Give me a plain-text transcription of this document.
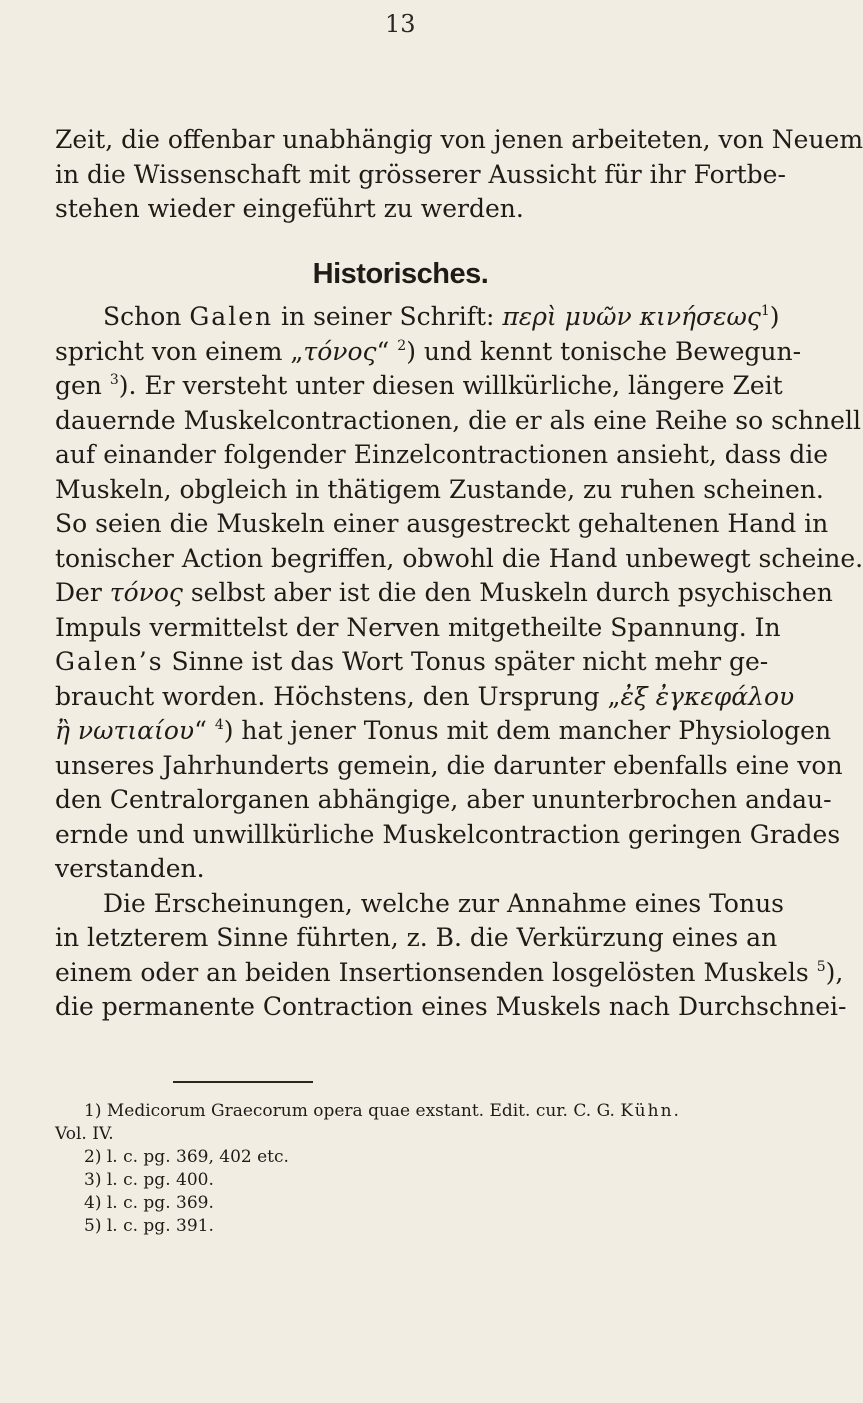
13
Zeit, die offenbar unabhängig von jenen arbeiteten, von Neuem
in die Wissenschaft mit grösserer Aussicht für ihr Fortbe-
stehen wieder eingeführt zu werden.
Historisches.
Schon Galen in seiner Schrift: περὶ μυῶν κινήσεως$^1$)
spricht von einem „τόνος“ $^2$) und kennt tonische Bewegun-
gen $^3$). Er versteht unter diesen willkürliche, längere Zeit
dauernde Muskelcontractionen, die er als eine Reihe so schnell
auf einander folgender Einzelcontractionen ansieht, dass die
Muskeln, obgleich in thätigem Zustande, zu ruhen scheinen.
So seien die Muskeln einer ausgestreckt gehaltenen Hand in
tonischer Action begriffen, obwohl die Hand unbewegt scheine.
Der τόνος selbst aber ist die den Muskeln durch psychischen
Impuls vermittelst der Nerven mitgetheilte Spannung. In
Galen’s Sinne ist das Wort Tonus später nicht mehr ge-
braucht worden. Höchstens, den Ursprung „ἐξ ἐγκεφάλου
ἢ νωτιαίου“ $^4$) hat jener Tonus mit dem mancher Physiologen
unseres Jahrhunderts gemein, die darunter ebenfalls eine von
den Centralorganen abhängige, aber ununterbrochen andau-
ernde und unwillkürliche Muskelcontraction geringen Grades
verstanden.
Die Erscheinungen, welche zur Annahme eines Tonus
in letzterem Sinne führten, z. B. die Verkürzung eines an
einem oder an beiden Insertionsenden losgelösten Muskels $^5$),
die permanente Contraction eines Muskels nach Durchschnei-
1) Medicorum Graecorum opera quae exstant. Edit. cur. C. G. Kühn.
Vol. IV.
2) l. c. pg. 369, 402 etc.
3) l. c. pg. 400.
4) l. c. pg. 369.
5) l. c. pg. 391.
